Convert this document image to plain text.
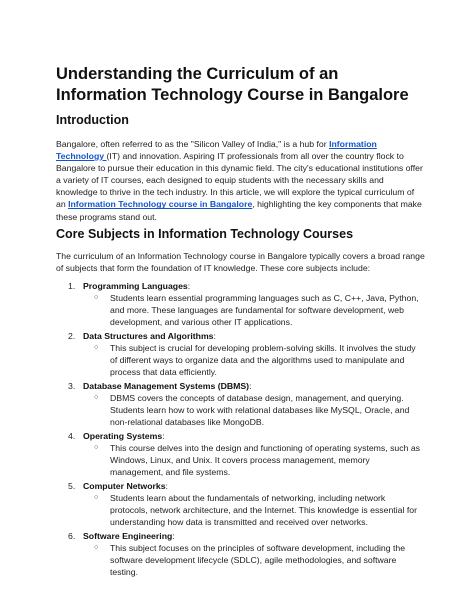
Understanding the Curriculum of an Information Technology Course in Bangalore
Introduction

Bangalore, often referred to as the "Silicon Valley of India," is a hub for Information Technology (IT) and innovation. Aspiring IT professionals from all over the country flock to Bangalore to pursue their education in this dynamic field. The city's educational institutions offer a variety of IT courses, each designed to equip students with the necessary skills and knowledge to thrive in the tech industry. In this article, we will explore the typical curriculum of an Information Technology course in Bangalore, highlighting the key components that make these programs stand out.

Core Subjects in Information Technology Courses

The curriculum of an Information Technology course in Bangalore typically covers a broad range of subjects that form the foundation of IT knowledge. These core subjects include:

1. Programming Languages:
○ Students learn essential programming languages such as C, C++, Java, Python, and more. These languages are fundamental for software development, web development, and various other IT applications.
2. Data Structures and Algorithms:
○ This subject is crucial for developing problem-solving skills. It involves the study of different ways to organize data and the algorithms used to manipulate and process that data efficiently.
3. Database Management Systems (DBMS):
○ DBMS covers the concepts of database design, management, and querying. Students learn how to work with relational databases like MySQL, Oracle, and non-relational databases like MongoDB.
4. Operating Systems:
○ This course delves into the design and functioning of operating systems, such as Windows, Linux, and Unix. It covers process management, memory management, and file systems.
5. Computer Networks:
○ Students learn about the fundamentals of networking, including network protocols, network architecture, and the Internet. This knowledge is essential for understanding how data is transmitted and received over networks.
6. Software Engineering:
○ This subject focuses on the principles of software development, including the software development lifecycle (SDLC), agile methodologies, and software testing.
